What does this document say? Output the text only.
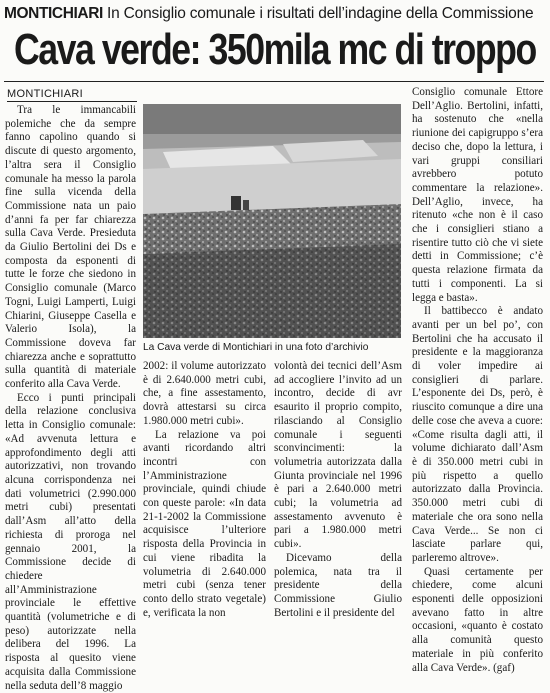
MONTICHIARI In Consiglio comunale i risultati dell’indagine della Commissione
Cava verde: 350mila mc di troppo
MONTICHIARI

Tra le immancabili polemiche che da sempre fanno capolino quando si discute di questo argomento, l’altra sera il Consiglio comunale ha messo la parola fine sulla vicenda della Commissione nata un paio d’anni fa per far chiarezza sulla Cava Verde. Presieduta da Giulio Bertolini dei Ds e composta da esponenti di tutte le forze che siedono in Consiglio comunale (Marco Togni, Luigi Lamperti, Luigi Chiarini, Giuseppe Casella e Valerio Isola), la Commissione doveva far chiarezza anche e soprattutto sulla quantità di materiale conferito alla Cava Verde.

Ecco i punti principali della relazione conclusiva letta in Consiglio comunale: «Ad avvenuta lettura e approfondimento degli atti autorizzativi, non trovando alcuna corrispondenza nei dati volumetrici (2.990.000 metri cubi) presentati dall’Asm all’atto della richiesta di proroga nel gennaio 2001, la Commissione decide di chiedere all’Amministrazione provinciale le effettive quantità (volumetriche e di peso) autorizzate nella delibera del 1996. La risposta al quesito viene acquisita dalla Commissione nella seduta dell’8 maggio

La Cava verde di Montichiari in una foto d’archivio

2002: il volume autorizzato è di 2.640.000 metri cubi, che, a fine assestamento, dovrà attestarsi su circa 1.980.000 metri cubi».

La relazione va poi avanti ricordando altri incontri con l’Amministrazione provinciale, quindi chiude con queste parole: «In data 21-1-2002 la Commissione acquisisce l’ulteriore risposta della Provincia in cui viene ribadita la volumetria di 2.640.000 metri cubi (senza tener conto dello strato vegetale) e, verificata la non

volontà dei tecnici dell’Asm ad accogliere l’invito ad un incontro, decide di avr esaurito il proprio compito, rilasciando al Consiglio comunale i seguenti sconvincimenti: la volumetria autorizzata dalla Giunta provinciale nel 1996 è pari a 2.640.000 metri cubi; la volumetria ad assestamento avvenuto è pari a 1.980.000 metri cubi».

Dicevamo della polemica, nata tra il presidente della Commissione Giulio Bertolini e il presidente del

Consiglio comunale Ettore Dell’Aglio. Bertolini, infatti, ha sostenuto che «nella riunione dei capigruppo s’era deciso che, dopo la lettura, i vari gruppi consiliari avrebbero potuto commentare la relazione». Dell’Aglio, invece, ha ritenuto «che non è il caso che i consiglieri stiano a risentire tutto ciò che vi siete detti in Commissione; c’è questa relazione firmata da tutti i componenti. La si legga e basta».

Il battibecco è andato avanti per un bel po’, con Bertolini che ha accusato il presidente e la maggioranza di voler impedire ai consiglieri di parlare. L’esponente dei Ds, però, è riuscito comunque a dire una delle cose che aveva a cuore: «Come risulta dagli atti, il volume dichiarato dall’Asm è di 350.000 metri cubi in più rispetto a quello autorizzato dalla Provincia. 350.000 metri cubi di materiale che ora sono nella Cava Verde... Se non ci lasciate parlare qui, parleremo altrove».

Quasi certamente per chiedere, come alcuni esponenti delle opposizioni avevano fatto in altre occasioni, «quanto è costato alla comunità questo materiale in più conferito alla Cava Verde». (gaf)
